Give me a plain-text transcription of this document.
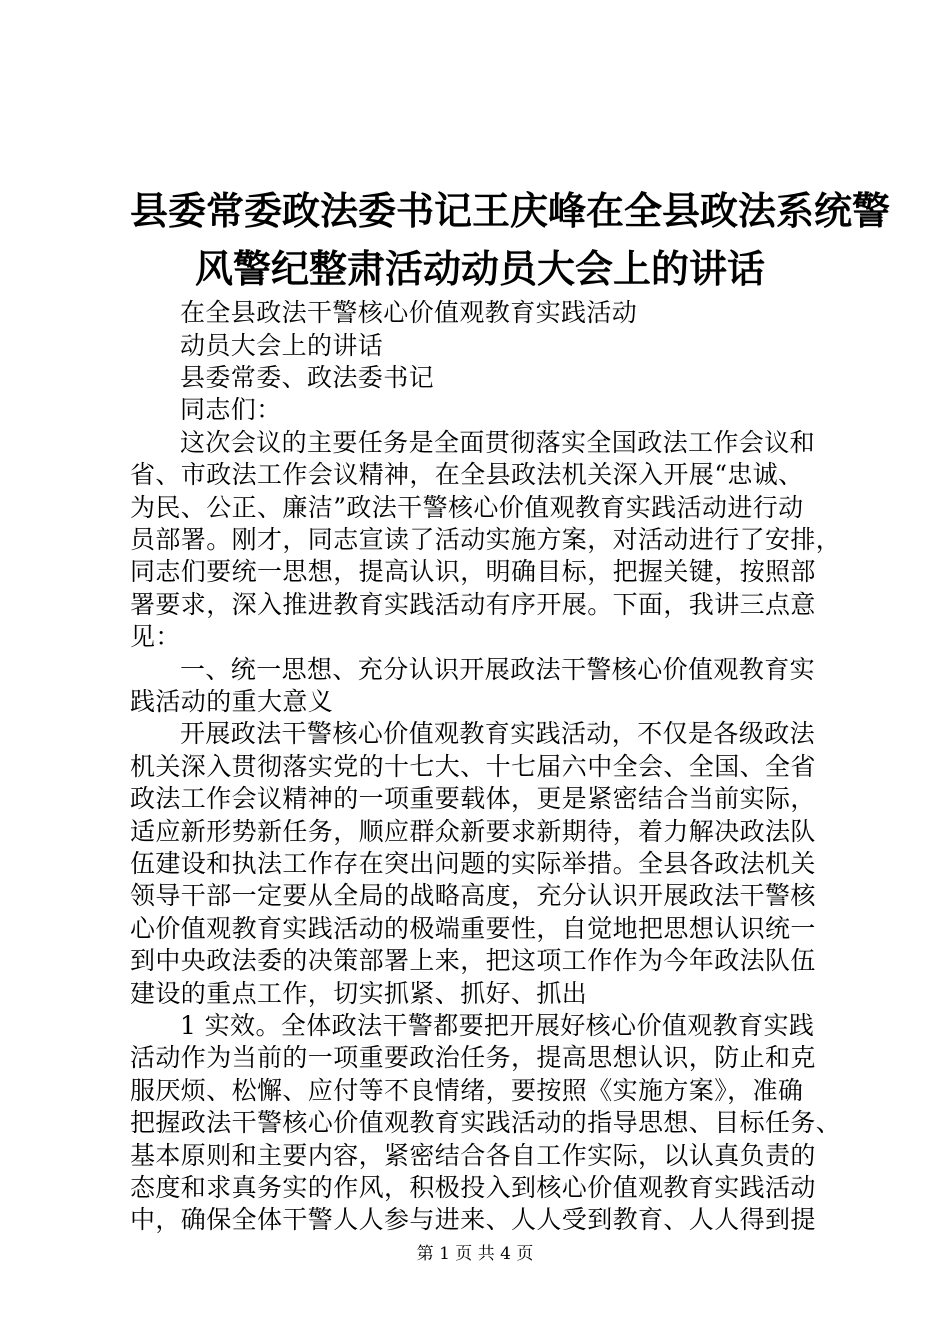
县委常委政法委书记王庆峰在全县政法系统警
风警纪整肃活动动员大会上的讲话
在全县政法干警核心价值观教育实践活动
动员大会上的讲话
县委常委、政法委书记
同志们：
这次会议的主要任务是全面贯彻落实全国政法工作会议和
省、市政法工作会议精神，在全县政法机关深入开展“忠诚、
为民、公正、廉洁”政法干警核心价值观教育实践活动进行动
员部署。刚才，同志宣读了活动实施方案，对活动进行了安排，
同志们要统一思想，提高认识，明确目标，把握关键，按照部
署要求，深入推进教育实践活动有序开展。下面，我讲三点意
见：
一、统一思想、充分认识开展政法干警核心价值观教育实
践活动的重大意义
开展政法干警核心价值观教育实践活动，不仅是各级政法
机关深入贯彻落实党的十七大、十七届六中全会、全国、全省
政法工作会议精神的一项重要载体，更是紧密结合当前实际，
适应新形势新任务，顺应群众新要求新期待，着力解决政法队
伍建设和执法工作存在突出问题的实际举措。全县各政法机关
领导干部一定要从全局的战略高度，充分认识开展政法干警核
心价值观教育实践活动的极端重要性，自觉地把思想认识统一
到中央政法委的决策部署上来，把这项工作作为今年政法队伍
建设的重点工作，切实抓紧、抓好、抓出
1 实效。全体政法干警都要把开展好核心价值观教育实践
活动作为当前的一项重要政治任务，提高思想认识，防止和克
服厌烦、松懈、应付等不良情绪，要按照《实施方案》，准确
把握政法干警核心价值观教育实践活动的指导思想、目标任务、
基本原则和主要内容，紧密结合各自工作实际，以认真负责的
态度和求真务实的作风，积极投入到核心价值观教育实践活动
中，确保全体干警人人参与进来、人人受到教育、人人得到提
第 1 页 共 4 页
